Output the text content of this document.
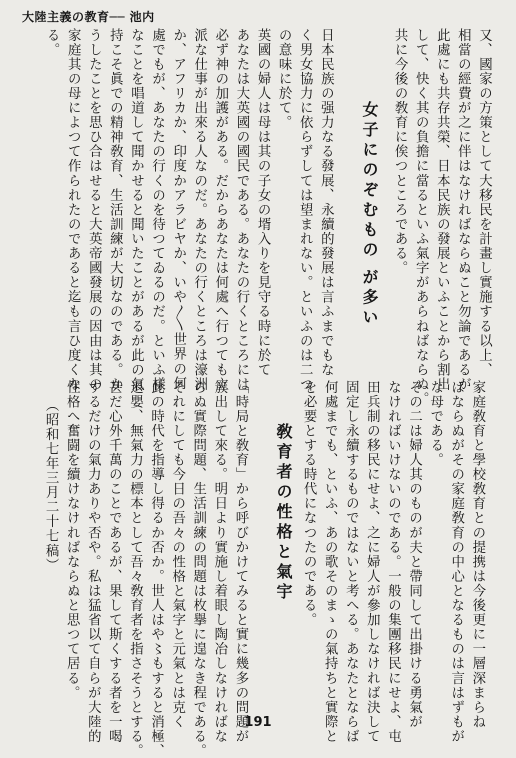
大陸主義の教育── 池内
又、國家の方策として大移民を計畫し實施する以上、
相當の經費が之に伴はなければならぬこと勿論であるが
此處にも共存共榮、日本民族の發展といふことから割出
して、快く其の負擔に當るといふ氣字があらねばならぬ。
共に今後の敎育に俟つところである。
女子にのぞむもの が多い
日本民族の强力なる發展、永續的發展は言ふまでもな
く男女協力に依らずしては望まれない。といふのは二つ
の意味に於て。
英國の婦人は母は其の子女の壻入りを見守る時に於て
あなたは大英國の國民である。あなたの行くところには
必ず神の加護がある。だからあなたは何處へ行つても立
派な仕事が出來る人なのだ。あなたの行くところは濠洲
か、アフリカか、印度かアラビヤか、いや〱世界の何
處でもが、あなたの行くのを待つてゐるのだ。といふ樣
なことを唱道して聞かせると聞いたことがあるが此の氣
持こそ眞での精神敎育、生活訓練が大切なのである。か
うしたことを思ひ合はせると大英帝國發展の因由は其の
家庭其の母によつて作られたのであると迄も言ひ度くな
る。
家庭敎育と學校敎育との提携は今後更に一層深まらね
ばならぬがその家庭敎育の中心となるものは言はずもが
な母である。
その二は婦人其のものが夫と帶同して出掛ける勇氣が
なければいけないのである。一般の集團移民にせよ、屯
田兵制の移民にせよ、之に婦人が參加しなければ決して
固定し永續するものではないと考へる。あなたとならば
何處までも、といふ、あの歌そのまゝの氣持ちと實際と
を必要とする時代になつたのである。
敎育者の性格と氣宇
「時局と敎育」から呼びかけてみると實に幾多の問題が
簇出して來る。明日より實施し着眼し陶冶しなければな
らぬ實際問題、生活訓練の問題は枚擧に遑なき程である。
それにしても今日の吾々の性格と氣字と元氣とは克く
此の時代を指導し得るか否か。世人はや〻もすると消極、
退嬰、無氣力の標本として吾々敎育者を指さそうとする。
甚だ心外千萬のことであるが、果して斯くする者を一喝
するだけの氣力ありや否や。私は猛省以て自らが大陸的
性格へ奮闘を續けなければならぬと思つて居る。
（昭和七年三月二十七稿）
191
